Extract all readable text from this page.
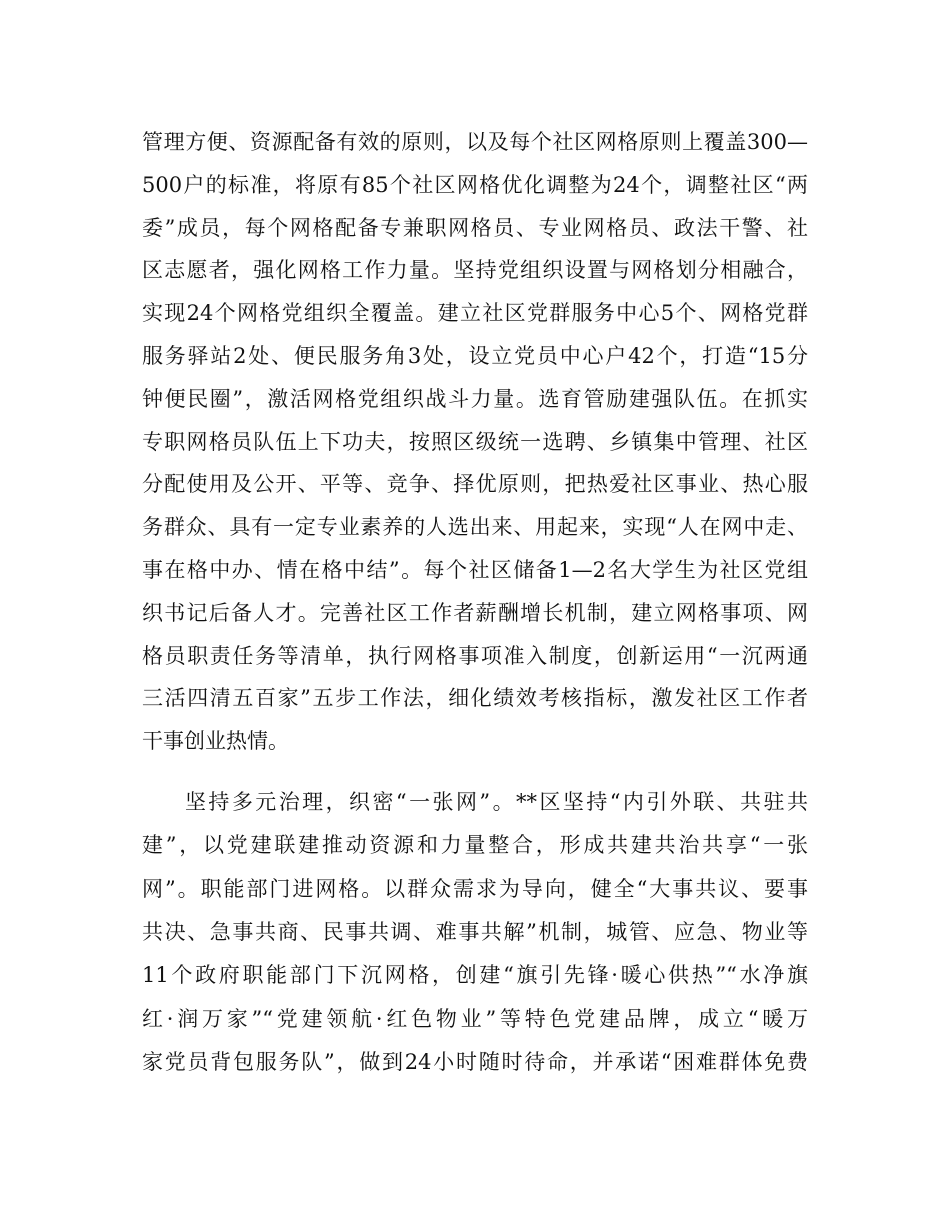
管理方便、资源配备有效的原则，以及每个社区网格原则上覆盖300—
500户的标准，将原有85个社区网格优化调整为24个，调整社区“两
委”成员，每个网格配备专兼职网格员、专业网格员、政法干警、社
区志愿者，强化网格工作力量。坚持党组织设置与网格划分相融合，
实现24个网格党组织全覆盖。建立社区党群服务中心5个、网格党群
服务驿站2处、便民服务角3处，设立党员中心户42个，打造“15分
钟便民圈”，激活网格党组织战斗力量。选育管励建强队伍。在抓实
专职网格员队伍上下功夫，按照区级统一选聘、乡镇集中管理、社区
分配使用及公开、平等、竞争、择优原则，把热爱社区事业、热心服
务群众、具有一定专业素养的人选出来、用起来，实现“人在网中走、
事在格中办、情在格中结”。每个社区储备1—2名大学生为社区党组
织书记后备人才。完善社区工作者薪酬增长机制，建立网格事项、网
格员职责任务等清单，执行网格事项准入制度，创新运用“一沉两通
三活四清五百家”五步工作法，细化绩效考核指标，激发社区工作者
干事创业热情。
坚持多元治理，织密“一张网”。**区坚持“内引外联、共驻共
建”，以党建联建推动资源和力量整合，形成共建共治共享“一张
网”。职能部门进网格。以群众需求为导向，健全“大事共议、要事
共决、急事共商、民事共调、难事共解”机制，城管、应急、物业等
11个政府职能部门下沉网格，创建“旗引先锋·暖心供热”“水净旗
红·润万家”“党建领航·红色物业”等特色党建品牌，成立“暖万
家党员背包服务队”，做到24小时随时待命，并承诺“困难群体免费
